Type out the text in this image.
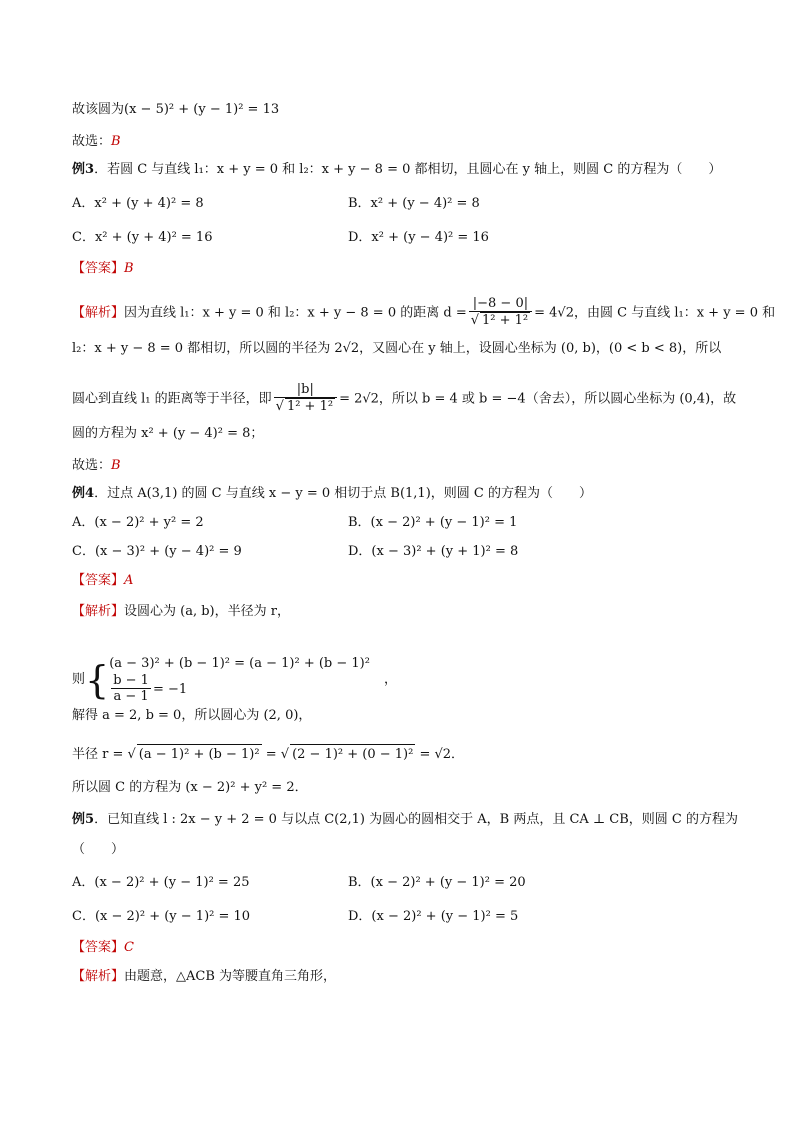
故该圆为(x − 5)² + (y − 1)² = 13
故选：B
例3．若圆 C 与直线 l₁：x + y = 0 和 l₂：x + y − 8 = 0 都相切，且圆心在 y 轴上，则圆 C 的方程为（　　）
A．x² + (y + 4)² = 8	B．x² + (y − 4)² = 8
C．x² + (y + 4)² = 16	D．x² + (y − 4)² = 16
【答案】B
【解析】因为直线 l₁：x + y = 0 和 l₂：x + y − 8 = 0 的距离 $d = \frac{|-8 - 0|}{\text{√ 1² + 1²}} = 4√2$，由圆 C 与直线 l₁：x + y = 0 和
l₂：x + y − 8 = 0 都相切，所以圆的半径为 2√2，又圆心在 y 轴上，设圆心坐标为 (0, b)，(0 < b < 8)，所以
圆心到直线 l₁ 的距离等于半径，即 $\frac{|b|}{\text{√ 1² + 1²}} = 2√2$，所以 b = 4 或 b = −4（舍去），所以圆心坐标为 (0,4)，故
圆的方程为 x² + (y − 4)² = 8；
故选：B
例4．过点 A(3,1) 的圆 C 与直线 x − y = 0 相切于点 B(1,1)，则圆 C 的方程为（　　）
A．(x − 2)² + y² = 2	B．(x − 2)² + (y − 1)² = 1
C．(x − 3)² + (y − 4)² = 9	D．(x − 3)² + (y + 1)² = 8
【答案】A
【解析】设圆心为 (a, b)，半径为 r，
则{ (a − 3)² + (b − 1)² = (a − 1)² + (b − 1)²
$\frac{b - 1}{a - 1} = -1$
，
解得 a = 2, b = 0，所以圆心为 (2, 0)，
半径 r = √ (a − 1)² + (b − 1)² = √ (2 − 1)² + (0 − 1)² = √2．
所以圆 C 的方程为 (x − 2)² + y² = 2．
例5．已知直线 l : 2x − y + 2 = 0 与以点 C(2,1) 为圆心的圆相交于 A，B 两点，且 CA ⊥ CB，则圆 C 的方程为
（　　）
A．(x − 2)² + (y − 1)² = 25	B．(x − 2)² + (y − 1)² = 20
C．(x − 2)² + (y − 1)² = 10	D．(x − 2)² + (y − 1)² = 5
【答案】C
【解析】由题意，△ACB 为等腰直角三角形，
